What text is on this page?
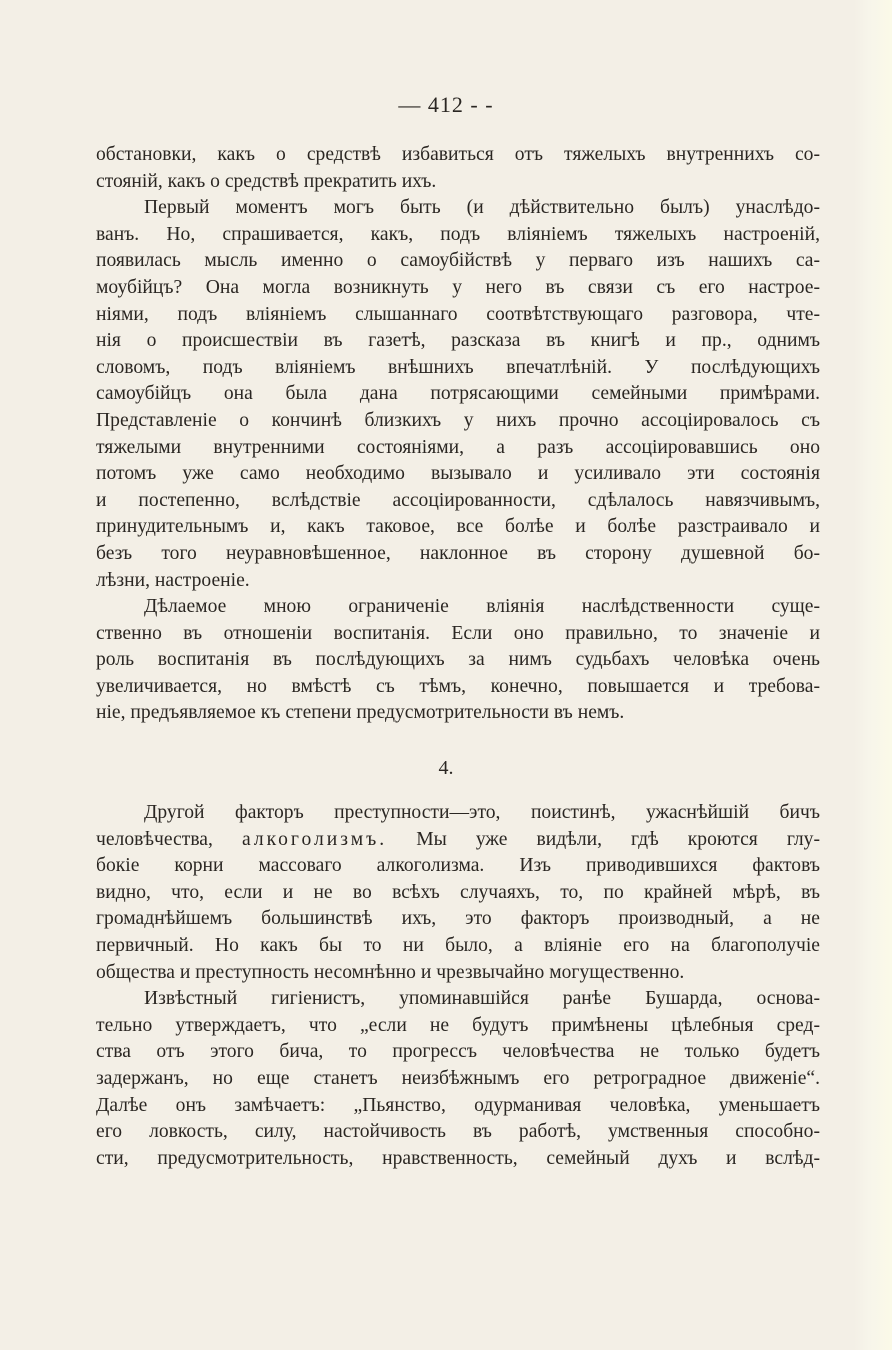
— 412 - -
обстановки, какъ о средствѣ избавиться отъ тяжелыхъ внутреннихъ со-
стояній, какъ о средствѣ прекратить ихъ.
Первый моментъ могъ быть (и дѣйствительно былъ) унаслѣдо-
ванъ. Но, спрашивается, какъ, подъ вліяніемъ тяжелыхъ настроеній,
появилась мысль именно о самоубійствѣ у перваго изъ нашихъ са-
моубійцъ? Она могла возникнуть у него въ связи съ его настрое-
ніями, подъ вліяніемъ слышаннаго соотвѣтствующаго разговора, чте-
нія о происшествіи въ газетѣ, разсказа въ книгѣ и пр., однимъ
словомъ, подъ вліяніемъ внѣшнихъ впечатлѣній. У послѣдующихъ
самоубійцъ она была дана потрясающими семейными примѣрами.
Представленіе о кончинѣ близкихъ у нихъ прочно ассоціировалось съ
тяжелыми внутренними состояніями, а разъ ассоціировавшись оно
потомъ уже само необходимо вызывало и усиливало эти состоянія
и постепенно, вслѣдствіе ассоціированности, сдѣлалось навязчивымъ,
принудительнымъ и, какъ таковое, все болѣе и болѣе разстраивало и
безъ того неуравновѣшенное, наклонное въ сторону душевной бо-
лѣзни, настроеніе.
Дѣлаемое мною ограниченіе вліянія наслѣдственности суще-
ственно въ отношеніи воспитанія. Если оно правильно, то значеніе и
роль воспитанія въ послѣдующихъ за нимъ судьбахъ человѣка очень
увеличивается, но вмѣстѣ съ тѣмъ, конечно, повышается и требова-
ніе, предъявляемое къ степени предусмотрительности въ немъ.
4.
Другой факторъ преступности—это, поистинѣ, ужаснѣйшій бичъ
человѣчества, алкоголизмъ. Мы уже видѣли, гдѣ кроются глу-
бокіе корни массоваго алкоголизма. Изъ приводившихся фактовъ
видно, что, если и не во всѣхъ случаяхъ, то, по крайней мѣрѣ, въ
громаднѣйшемъ большинствѣ ихъ, это факторъ производный, а не
первичный. Но какъ бы то ни было, а вліяніе его на благополучіе
общества и преступность несомнѣнно и чрезвычайно могущественно.
Извѣстный гигіенистъ, упоминавшійся ранѣе Бушарда, основа-
тельно утверждаетъ, что „если не будутъ примѣнены цѣлебныя сред-
ства отъ этого бича, то прогрессъ человѣчества не только будетъ
задержанъ, но еще станетъ неизбѣжнымъ его ретроградное движеніе“.
Далѣе онъ замѣчаетъ: „Пьянство, одурманивая человѣка, уменьшаетъ
его ловкость, силу, настойчивость въ работѣ, умственныя способно-
сти, предусмотрительность, нравственность, семейный духъ и вслѣд-
